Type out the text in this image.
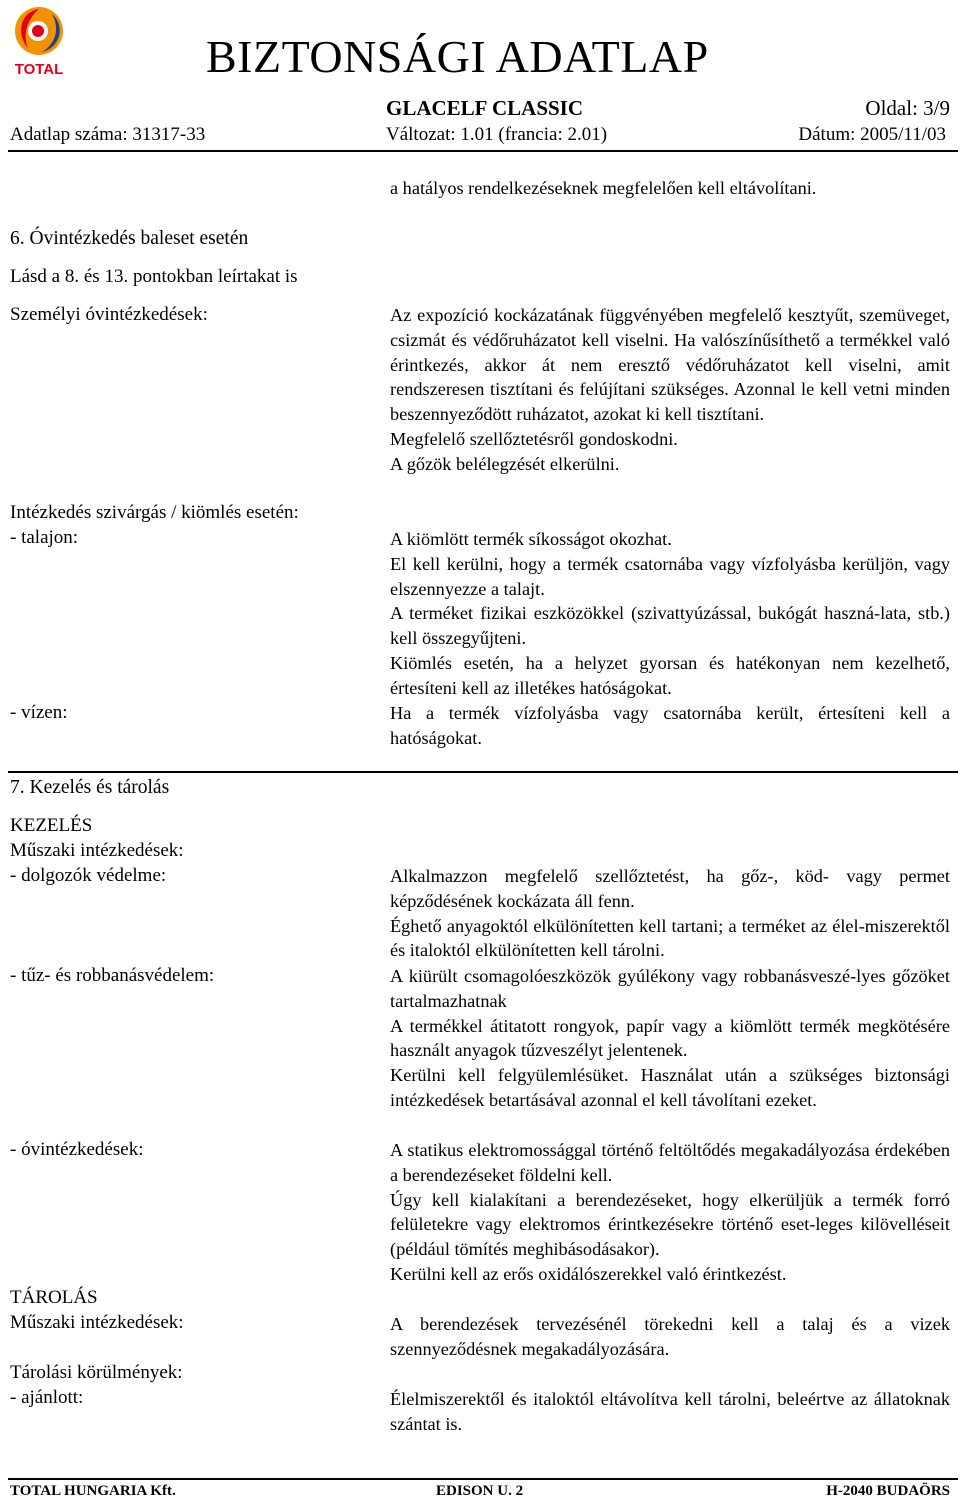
TOTAL	BIZTONSÁGI ADATLAP
GLACELF CLASSIC	Oldal: 3/9
Adatlap száma: 31317-33	Változat: 1.01 (francia: 2.01)	Dátum: 2005/11/03
a hatályos rendelkezéseknek megfelelően kell eltávolítani.
6. Óvintézkedés baleset esetén
Lásd a 8. és 13. pontokban leírtakat is
Személyi óvintézkedések:	Az expozíció kockázatának függvényében megfelelő kesztyűt, szemüveget, csizmát és védőruházatot kell viselni. Ha valószínűsíthető a termékkel való érintkezés, akkor át nem eresztő védőruházatot kell viselni, amit rendszeresen tisztítani és felújítani szükséges. Azonnal le kell vetni minden beszennyeződött ruházatot, azokat ki kell tisztítani.

Megfelelő szellőztetésről gondoskodni.

A gőzök belélegzését elkerülni.

Intézkedés szivárgás / kiömlés esetén:
- talajon:	A kiömlött termék síkosságot okozhat.

El kell kerülni, hogy a termék csatornába vagy vízfolyásba kerüljön, vagy elszennyezze a talajt.

A terméket fizikai eszközökkel (szivattyúzással, bukógát haszná-lata, stb.) kell összegyűjteni.

Kiömlés esetén, ha a helyzet gyorsan és hatékonyan nem kezelhető, értesíteni kell az illetékes hatóságokat.

- vízen:	Ha a termék vízfolyásba vagy csatornába került, értesíteni kell a hatóságokat.

7. Kezelés és tárolás
KEZELÉS
Műszaki intézkedések:
- dolgozók védelme:	Alkalmazzon megfelelő szellőztetést, ha gőz-, köd- vagy permet képződésének kockázata áll fenn.

Éghető anyagoktól elkülönítetten kell tartani; a terméket az élel-miszerektől és italoktól elkülönítetten kell tárolni.

- tűz- és robbanásvédelem:	A kiürült csomagolóeszközök gyúlékony vagy robbanásveszé-lyes gőzöket tartalmazhatnak

A termékkel átitatott rongyok, papír vagy a kiömlött termék megkötésére használt anyagok tűzveszélyt jelentenek.

Kerülni kell felgyülemlésüket. Használat után a szükséges biztonsági intézkedések betartásával azonnal el kell távolítani ezeket.

- óvintézkedések:	A statikus elektromossággal történő feltöltődés megakadályozása érdekében a berendezéseket földelni kell.

Úgy kell kialakítani a berendezéseket, hogy elkerüljük a termék forró felületekre vagy elektromos érintkezésekre történő eset-leges kilövelléseit (például tömítés meghibásodásakor).

Kerülni kell az erős oxidálószerekkel való érintkezést.

TÁROLÁS
Műszaki intézkedések:	A berendezések tervezésénél törekedni kell a talaj és a vizek szennyeződésnek megakadályozására.

Tárolási körülmények:
- ajánlott:	Élelmiszerektől és italoktól eltávolítva kell tárolni, beleértve az állatoknak szántat is.

TOTAL HUNGARIA Kft.	EDISON U. 2	H-2040 BUDAÖRS
